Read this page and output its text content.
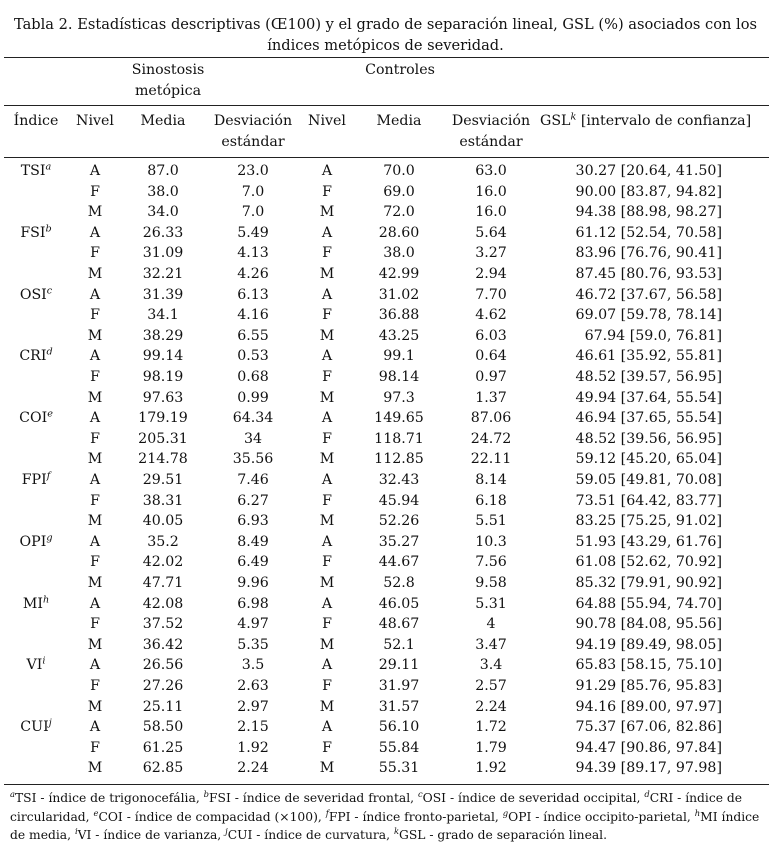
Tabla 2. Estadísticas descriptivas (Œ100) y el grado de separación lineal, GSL (%) asociados con los
índices metópicos de severidad.
Sinostosis
metópica
Controles
Índice	Nivel	Media	Desviación
estándar
Nivel	Media	Desviación
estándar
GSL$^k$ [intervalo de confianza]
TSI$^a$	A	87.0	23.0	A	70.0	63.0	30.27 [20.64, 41.50]
F	38.0	7.0	F	69.0	16.0	90.00 [83.87, 94.82]
M	34.0	7.0	M	72.0	16.0	94.38 [88.98, 98.27]
FSI$^b$	A	26.33	5.49	A	28.60	5.64	61.12 [52.54, 70.58]
F	31.09	4.13	F	38.0	3.27	83.96 [76.76, 90.41]
M	32.21	4.26	M	42.99	2.94	87.45 [80.76, 93.53]
OSI$^c$	A	31.39	6.13	A	31.02	7.70	46.72 [37.67, 56.58]
F	34.1	4.16	F	36.88	4.62	69.07 [59.78, 78.14]
M	38.29	6.55	M	43.25	6.03	67.94 [59.0, 76.81]
CRI$^d$	A	99.14	0.53	A	99.1	0.64	46.61 [35.92, 55.81]
F	98.19	0.68	F	98.14	0.97	48.52 [39.57, 56.95]
M	97.63	0.99	M	97.3	1.37	49.94 [37.64, 55.54]
COI$^e$	A	179.19	64.34	A	149.65	87.06	46.94 [37.65, 55.54]
F	205.31	34	F	118.71	24.72	48.52 [39.56, 56.95]
M	214.78	35.56	M	112.85	22.11	59.12 [45.20, 65.04]
FPI$^f$	A	29.51	7.46	A	32.43	8.14	59.05 [49.81, 70.08]
F	38.31	6.27	F	45.94	6.18	73.51 [64.42, 83.77]
M	40.05	6.93	M	52.26	5.51	83.25 [75.25, 91.02]
OPI$^g$	A	35.2	8.49	A	35.27	10.3	51.93 [43.29, 61.76]
F	42.02	6.49	F	44.67	7.56	61.08 [52.62, 70.92]
M	47.71	9.96	M	52.8	9.58	85.32 [79.91, 90.92]
$MI^h$	A	42.08	6.98	A	46.05	5.31	64.88 [55.94, 74.70]
F	37.52	4.97	F	48.67	4	90.78 [84.08, 95.56]
M	36.42	5.35	M	52.1	3.47	94.19 [89.49, 98.05]
$VI^i$	A	26.56	3.5	A	29.11	3.4	65.83 [58.15, 75.10]
F	27.26	2.63	F	31.97	2.57	91.29 [85.76, 95.83]
M	25.11	2.97	M	31.57	2.24	94.16 [89.00, 97.97]
CUI$^j$	A	58.50	2.15	A	56.10	1.72	75.37 [67.06, 82.86]
F	61.25	1.92	F	55.84	1.79	94.47 [90.86, 97.84]
M	62.85	2.24	M	55.31	1.92	94.39 [89.17, 97.98]
$^a$TSI - índice de trigonocefália, $^b$FSI - índice de severidad frontal, $^c$OSI - índice de severidad occipital, $^d$CRI - índice de circularidad, $^e$COI - índice de compacidad (×100), $^f$FPI - índice fronto-parietal, $^g$OPI - índice occipito-parietal, $^h$MI índice de media, $^i$VI - índice de varianza, $^j$CUI - índice de curvatura, $^k$GSL - grado de separación lineal.
